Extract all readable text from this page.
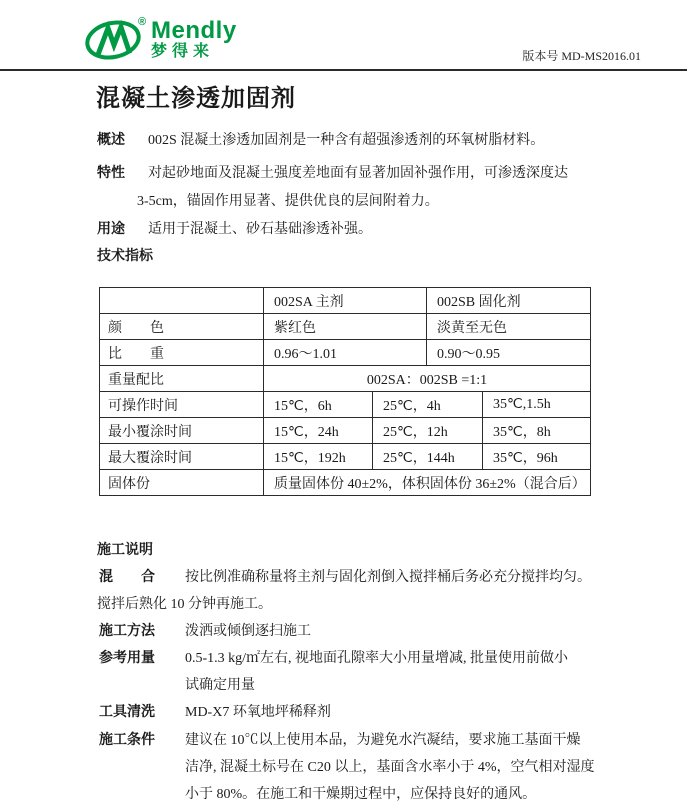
® Mendly
梦得来	版本号 MD-MS2016.01
混凝土渗透加固剂
概述 002S 混凝土渗透加固剂是一种含有超强渗透剂的环氧树脂材料。
特性 对起砂地面及混凝土强度差地面有显著加固补强作用，可渗透深度达
3-5cm，锚固作用显著、提供优良的层间附着力。
用途 适用于混凝土、砂石基础渗透补强。
技术指标
	002SA 主剂		002SB 固化剂	
颜　　色	紫红色		淡黄至无色	
比　　重	0.96～1.01		0.90～0.95	
重量配比	002SA：002SB =1:1			
可操作时间	15℃，6h	25℃，4h		35℃,1.5h
最小覆涂时间	15℃，24h	25℃，12h		35℃，8h
最大覆涂时间	15℃，192h	25℃，144h		35℃，96h
固体份	质量固体份 40±2%，体积固体份 36±2%（混合后）			
施工说明
混　　合 按比例准确称量将主剂与固化剂倒入搅拌桶后务必充分搅拌均匀。
搅拌后熟化 10 分钟再施工。
施工方法 泼洒或倾倒逐扫施工
参考用量 0.5-1.3 kg/㎡左右, 视地面孔隙率大小用量增减, 批量使用前做小
试确定用量
工具清洗 MD-X7 环氧地坪稀释剂
施工条件 建议在 10℃以上使用本品，为避免水汽凝结，要求施工基面干燥
洁净, 混凝土标号在 C20 以上，基面含水率小于 4%，空气相对湿度
小于 80%。在施工和干燥期过程中，应保持良好的通风。
